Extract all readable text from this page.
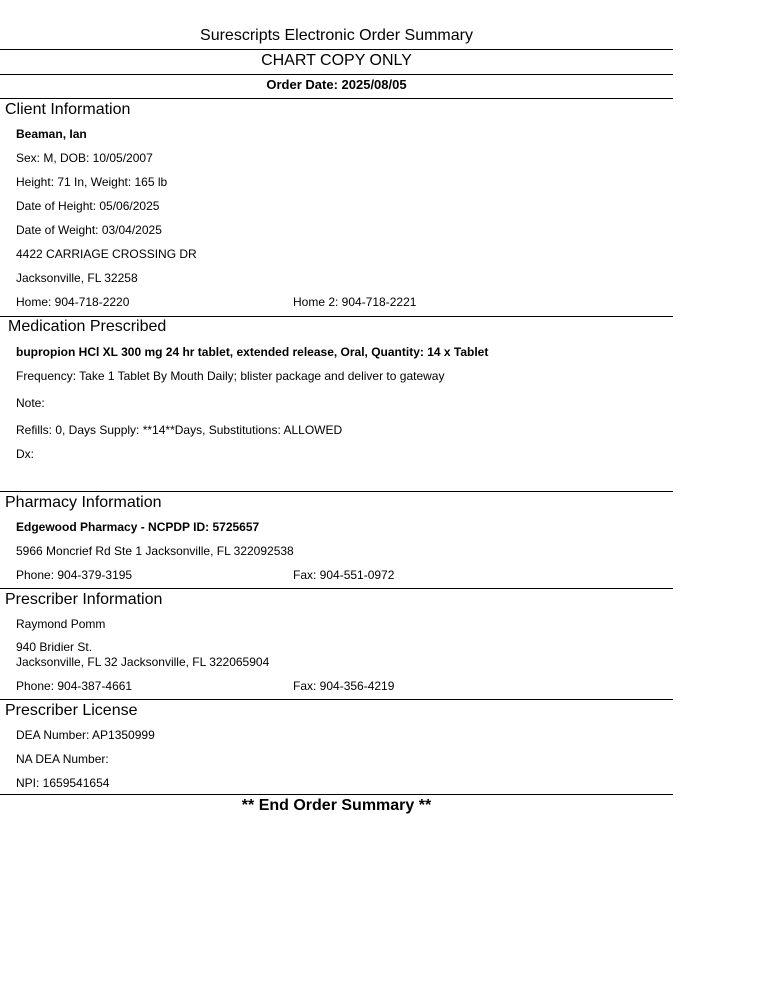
Surescripts Electronic Order Summary
CHART COPY ONLY
Order Date: 2025/08/05
Client Information
Beaman, Ian
Sex: M, DOB: 10/05/2007
Height: 71 In, Weight: 165 lb
Date of Height: 05/06/2025
Date of Weight: 03/04/2025
4422 CARRIAGE CROSSING DR
Jacksonville, FL 32258
Home: 904-718-2220	Home 2: 904-718-2221
Medication Prescribed
bupropion HCl XL 300 mg 24 hr tablet, extended release, Oral, Quantity: 14 x Tablet
Frequency: Take 1 Tablet By Mouth Daily; blister package and deliver to gateway
Note:
Refills: 0, Days Supply: **14**Days, Substitutions: ALLOWED
Dx:
Pharmacy Information
Edgewood Pharmacy - NCPDP ID: 5725657
5966 Moncrief Rd Ste 1 Jacksonville, FL 322092538
Phone: 904-379-3195	Fax: 904-551-0972
Prescriber Information
Raymond Pomm
940 Bridier St.
Jacksonville, FL 32 Jacksonville, FL 322065904
Phone: 904-387-4661	Fax: 904-356-4219
Prescriber License
DEA Number: AP1350999
NA DEA Number:
NPI: 1659541654
** End Order Summary **
